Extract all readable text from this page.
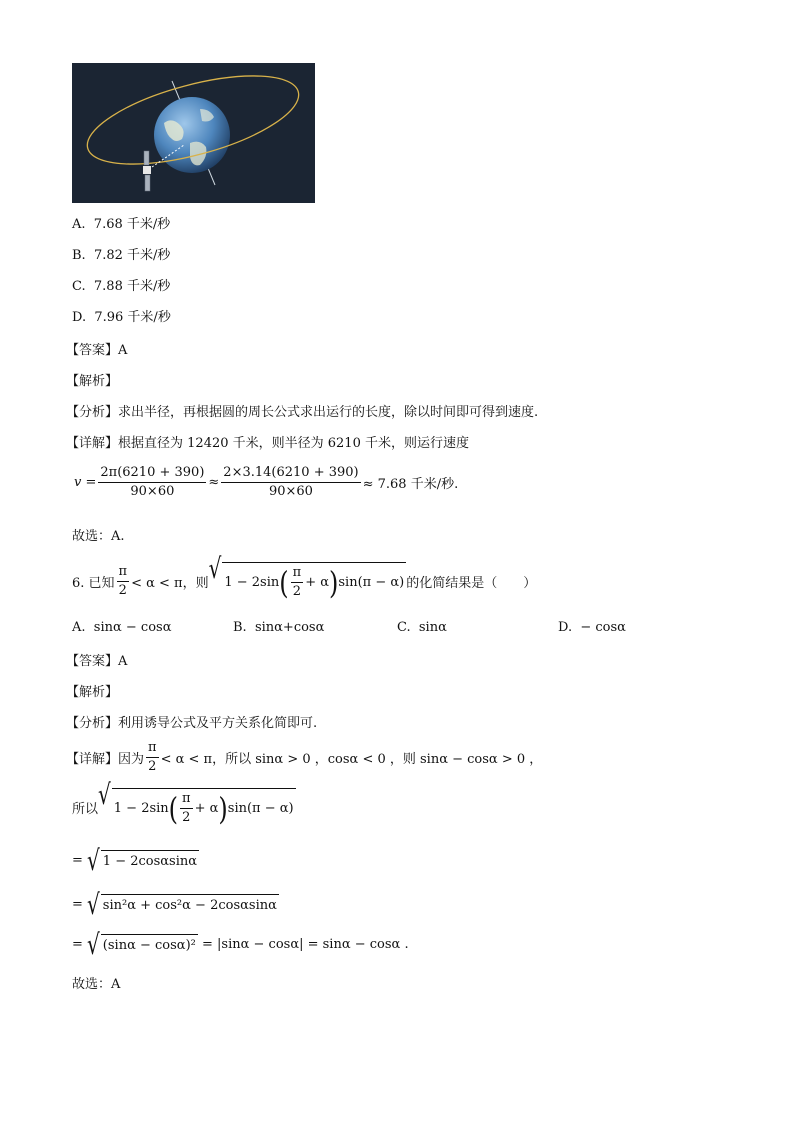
A. 7.68 千米/秒
B. 7.82 千米/秒
C. 7.88 千米/秒
D. 7.96 千米/秒
【答案】A
【解析】
【分析】求出半径，再根据圆的周长公式求出运行的长度，除以时间即可得到速度.
【详解】根据直径为 12420 千米，则半径为 6210 千米，则运行速度
$v = \frac{2\pi(6210 + 390)}{90\times 60} \approx \frac{2\times 3.14(6210 + 390)}{90\times 60} \approx 7.68$ 千米/秒.
故选：A.
6. 已知 $\frac{\pi}{2} < \alpha < \pi$，则 √ 1 − 2sin ( $\frac{\pi}{2} + \alpha$ ) sin(π − α) 的化简结果是（　　）
A. sinα − cosα	B. sinα+cosα	C. sinα	D. − cosα
【答案】A
【解析】
【分析】利用诱导公式及平方关系化简即可.
【详解】 因为 $\frac{\pi}{2} < \alpha < \pi$，所以 sinα > 0 ，cosα < 0 ，则 sinα − cosα > 0 ，
所以 √ 1 − 2sin ( $\frac{\pi}{2} + \alpha$ ) sin(π − α)
=
√ 1 − 2cosαsinα
=
√ sin²α + cos²α − 2cosαsinα
=
√ (sinα − cosα)²
= |sinα − cosα| = sinα − cosα .
故选：A
